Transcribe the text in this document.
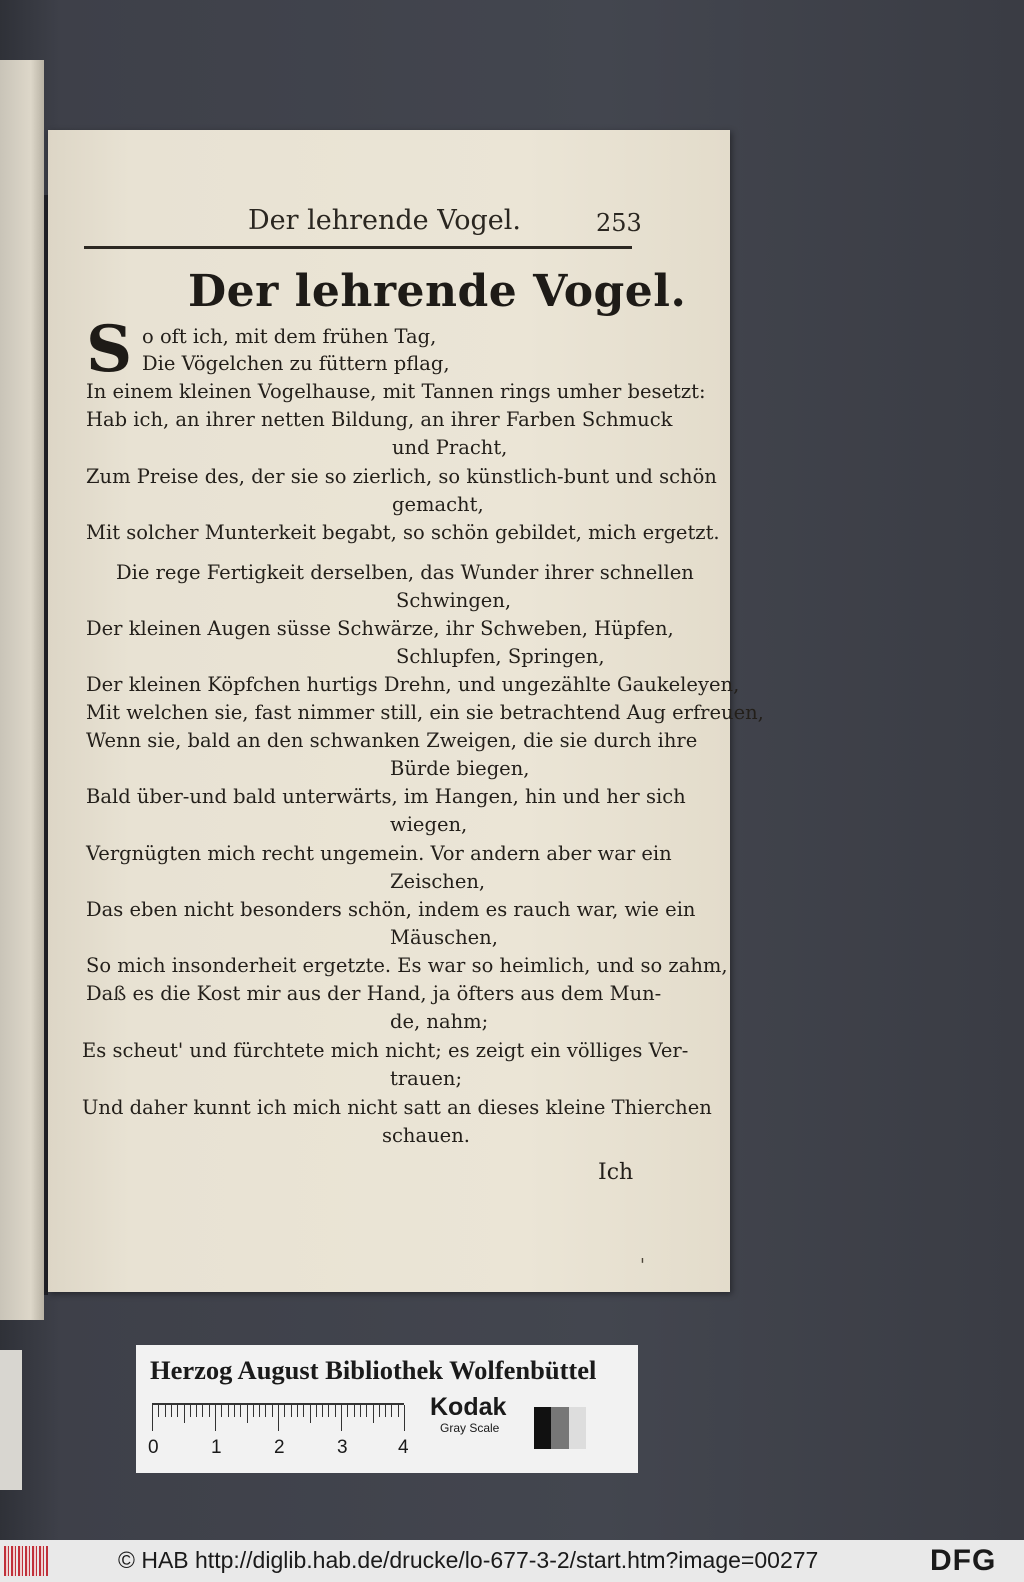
Der lehrende Vogel.	253
Der lehrende Vogel.
S o oft ich, mit dem frühen Tag,
Die Vögelchen zu füttern pflag,
In einem kleinen Vogelhause, mit Tannen rings umher besetzt:
Hab ich, an ihrer netten Bildung, an ihrer Farben Schmuck
und Pracht,
Zum Preise des, der sie so zierlich, so künstlich-bunt und schön
gemacht,
Mit solcher Munterkeit begabt, so schön gebildet, mich ergetzt.
Die rege Fertigkeit derselben, das Wunder ihrer schnellen
Schwingen,
Der kleinen Augen süsse Schwärze, ihr Schweben, Hüpfen,
Schlupfen, Springen,
Der kleinen Köpfchen hurtigs Drehn, und ungezählte Gaukeleyen,
Mit welchen sie, fast nimmer still, ein sie betrachtend Aug erfreuen,
Wenn sie, bald an den schwanken Zweigen, die sie durch ihre
Bürde biegen,
Bald über-und bald unterwärts, im Hangen, hin und her sich
wiegen,
Vergnügten mich recht ungemein. Vor andern aber war ein
Zeischen,
Das eben nicht besonders schön, indem es rauch war, wie ein
Mäuschen,
So mich insonderheit ergetzte. Es war so heimlich, und so zahm,
Daß es die Kost mir aus der Hand, ja öfters aus dem Mun-
de, nahm;
Es scheut' und fürchtete mich nicht; es zeigt ein völliges Ver-
trauen;
Und daher kunnt ich mich nicht satt an dieses kleine Thierchen
schauen.
Ich
'
Herzog August Bibliothek Wolfenbüttel
0	1	2	3	4
Kodak
Gray Scale
© HAB http://diglib.hab.de/drucke/lo-677-3-2/start.htm?image=00277	DFG
